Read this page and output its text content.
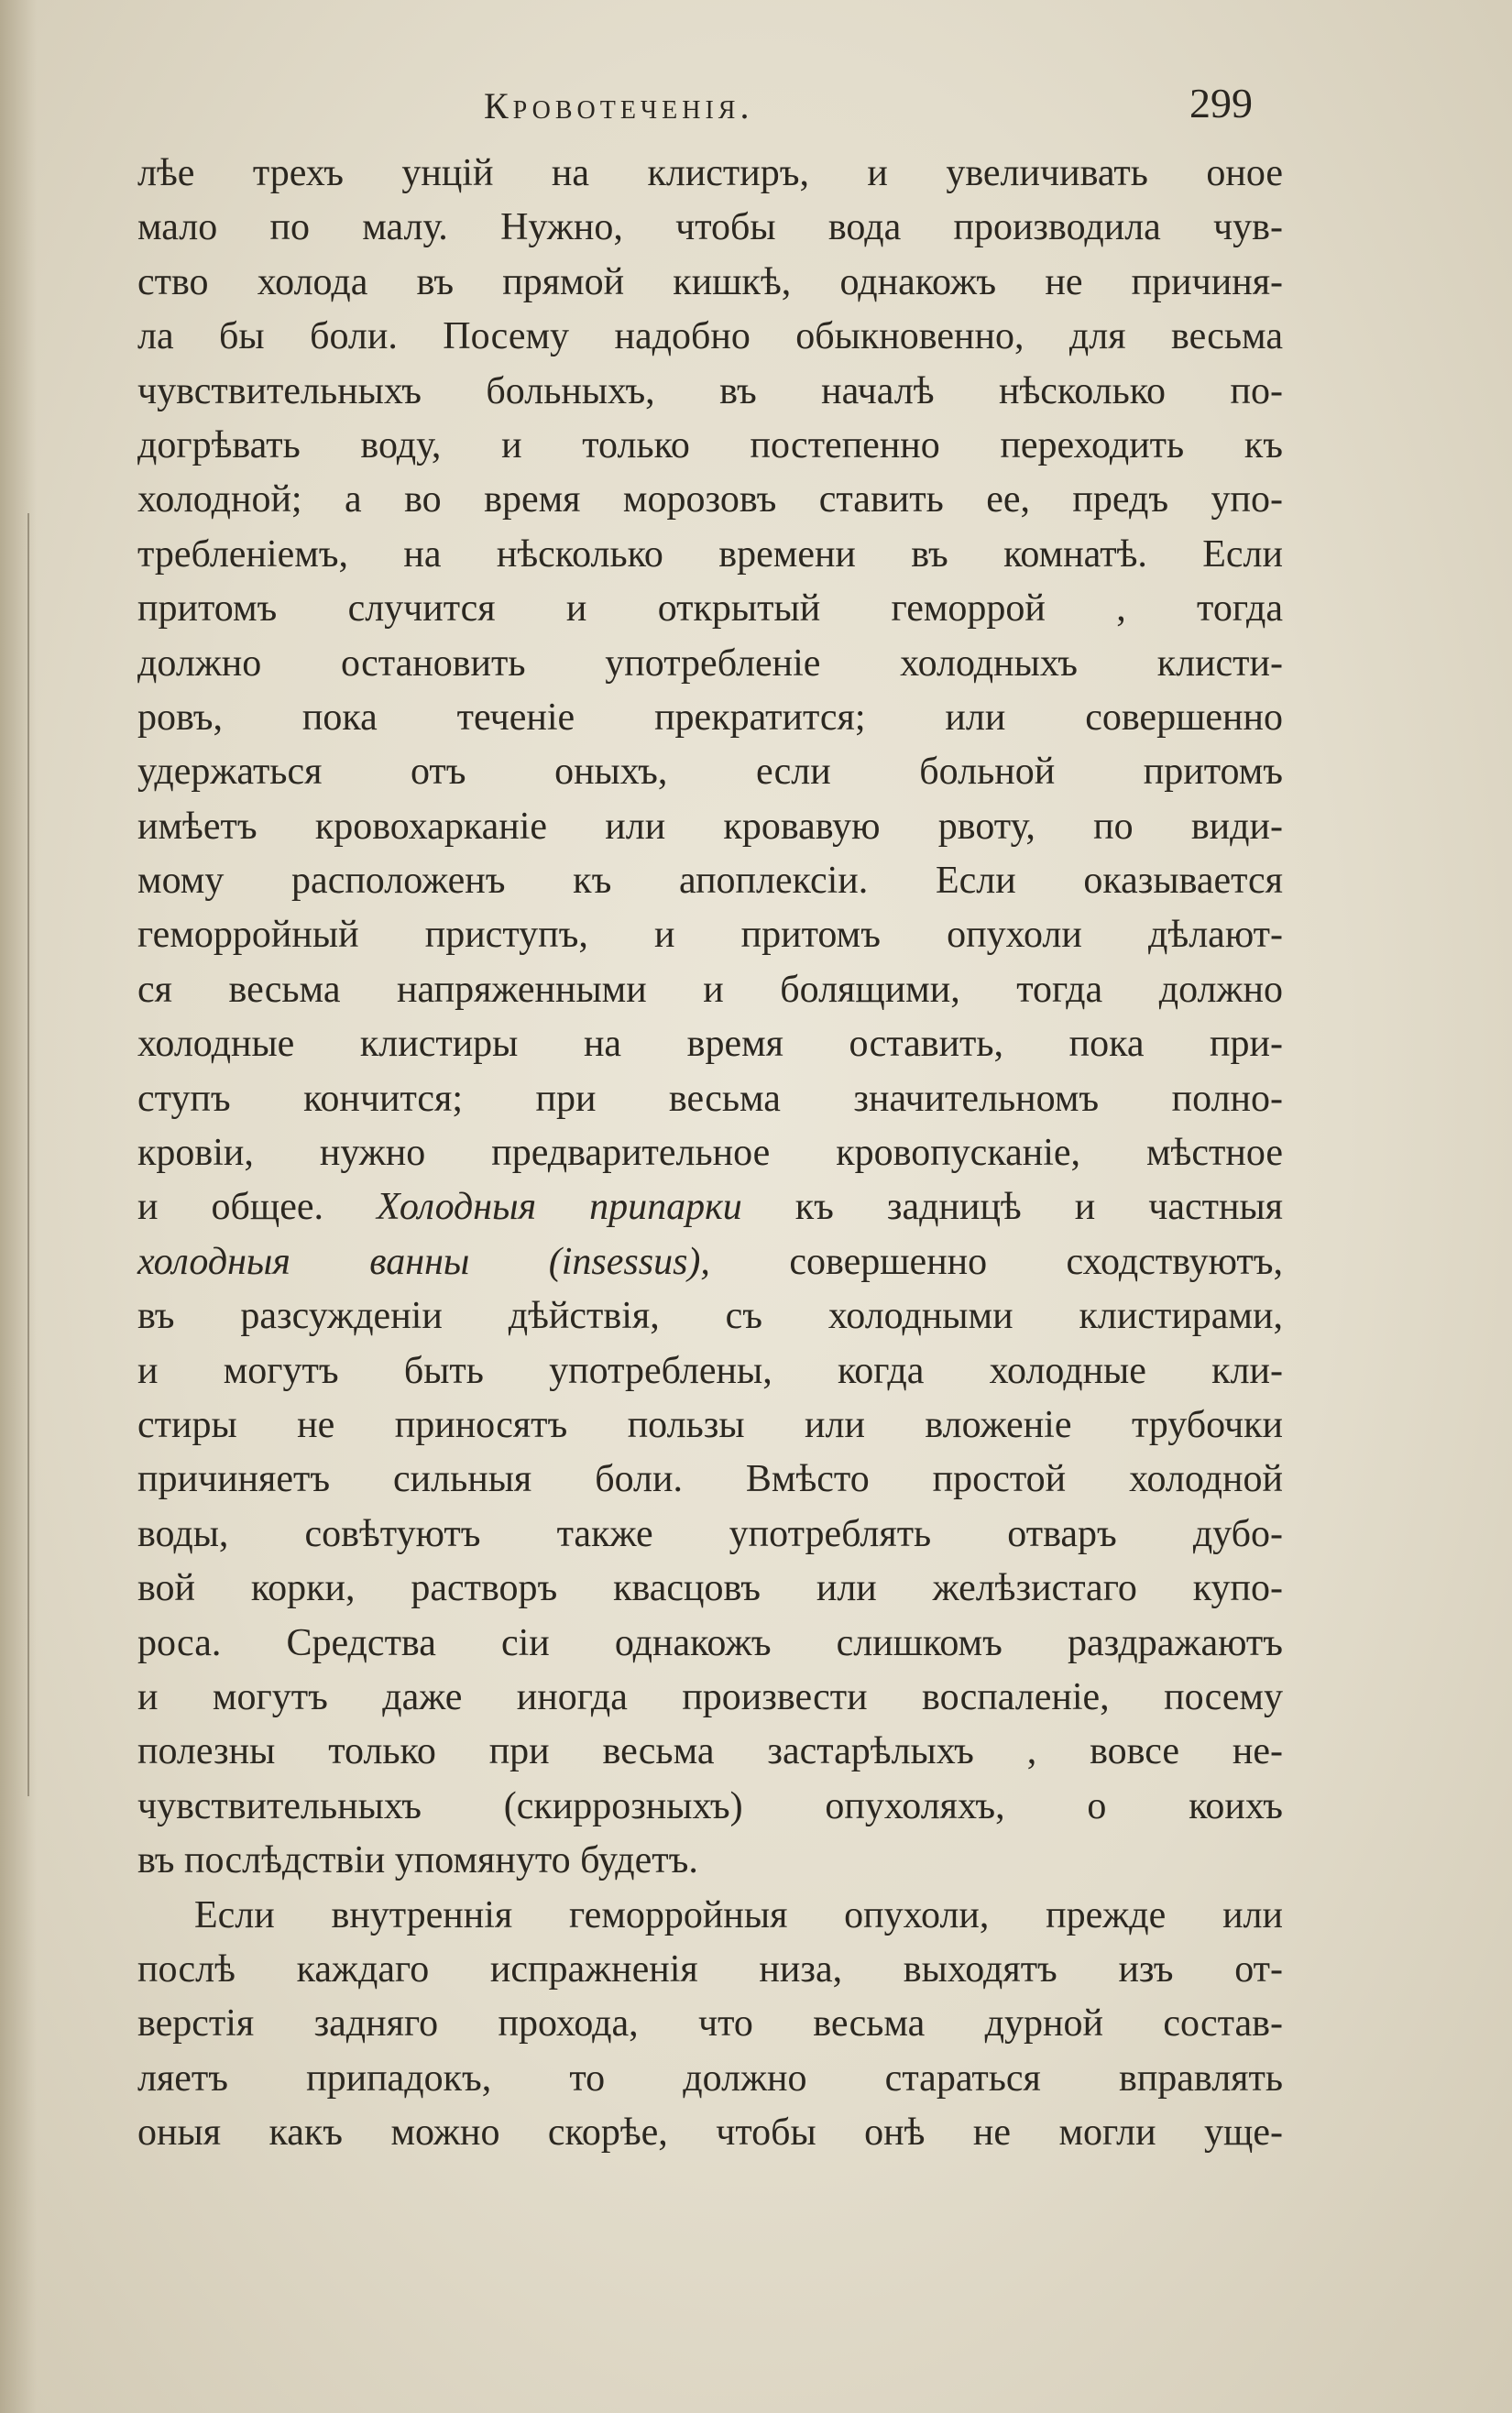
Кровотеченія.	299
лѣе трехъ унцій на клистиръ, и увеличивать оное
мало по малу. Нужно, чтобы вода производила чув-
ство холода въ прямой кишкѣ, однакожъ не причиня-
ла бы боли. Посему надобно обыкновенно, для весьма
чувствительныхъ больныхъ, въ началѣ нѣсколько по-
догрѣвать воду, и только постепенно переходить къ
холодной; а во время морозовъ ставить ее, предъ упо-
требленіемъ, на нѣсколько времени въ комнатѣ. Если
притомъ случится и открытый геморрой , тогда
должно остановить употребленіе холодныхъ клисти-
ровъ, пока теченіе прекратится; или совершенно
удержаться отъ оныхъ, если больной притомъ
имѣетъ кровохарканіе или кровавую рвоту, по види-
мому расположенъ къ апоплексіи. Если оказывается
геморройный приступъ, и притомъ опухоли дѣлают-
ся весьма напряженными и болящими, тогда должно
холодные клистиры на время оставить, пока при-
ступъ кончится; при весьма значительномъ полно-
кровіи, нужно предварительное кровопусканіе, мѣстное
и общее. Холодныя припарки къ задницѣ и частныя
холодныя ванны (insessus), совершенно сходствуютъ,
въ разсужденіи дѣйствія, съ холодными клистирами,
и могутъ быть употреблены, когда холодные кли-
стиры не приносятъ пользы или вложеніе трубочки
причиняетъ сильныя боли. Вмѣсто простой холодной
воды, совѣтуютъ также употреблять отваръ дубо-
вой корки, растворъ квасцовъ или желѣзистаго купо-
роса. Средства сіи однакожъ слишкомъ раздражаютъ
и могутъ даже иногда произвести воспаленіе, посему
полезны только при весьма застарѣлыхъ , вовсе не-
чувствительныхъ (скиррозныхъ) опухоляхъ, о коихъ
въ послѣдствіи упомянуто будетъ.
Если внутреннія геморройныя опухоли, прежде или
послѣ каждаго испражненія низа, выходятъ изъ от-
верстія задняго прохода, что весьма дурной состав-
ляетъ припадокъ, то должно стараться вправлять
оныя какъ можно скорѣе, чтобы онѣ не могли уще-
